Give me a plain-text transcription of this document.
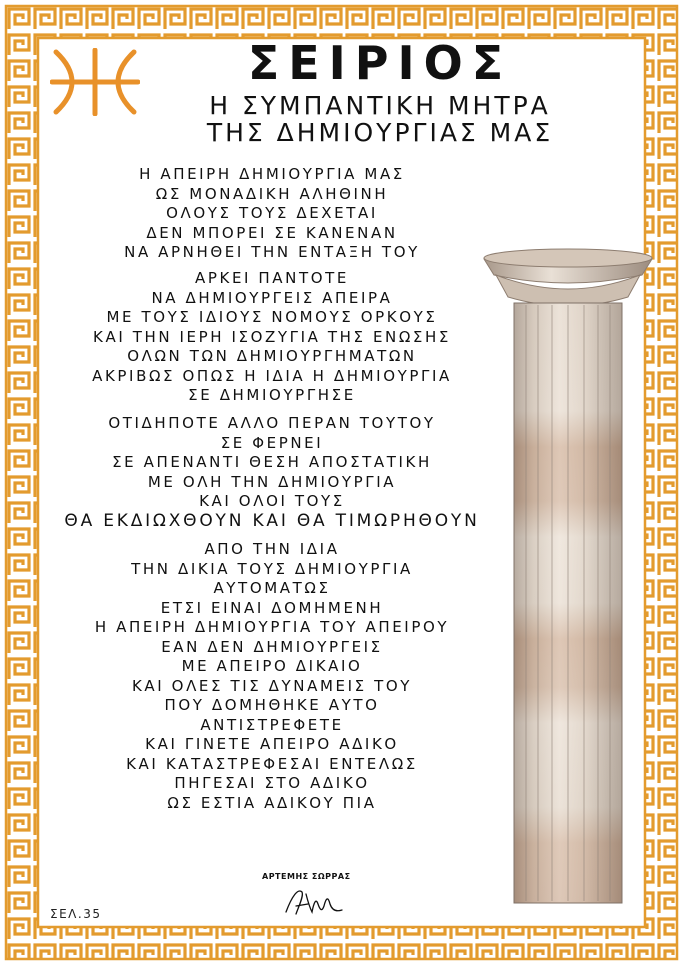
ΣΕΙΡΙΟΣ
Η ΣΥΜΠΑΝΤΙΚΗ ΜΗΤΡΑ
ΤΗΣ ΔΗΜΙΟΥΡΓΙΑΣ ΜΑΣ
Η ΑΠΕΙΡΗ ΔΗΜΙΟΥΡΓΙΑ ΜΑΣ
ΩΣ ΜΟΝΑΔΙΚΗ ΑΛΗΘΙΝΗ
ΟΛΟΥΣ ΤΟΥΣ ΔΕΧΕΤΑΙ
ΔΕΝ ΜΠΟΡΕΙ ΣΕ ΚΑΝΕΝΑΝ
ΝΑ ΑΡΝΗΘΕΙ ΤΗΝ ΕΝΤΑΞΗ ΤΟΥ
ΑΡΚΕΙ ΠΑΝΤΟΤΕ
ΝΑ ΔΗΜΙΟΥΡΓΕΙΣ ΑΠΕΙΡΑ
ΜΕ ΤΟΥΣ ΙΔΙΟΥΣ ΝΟΜΟΥΣ ΟΡΚΟΥΣ
ΚΑΙ ΤΗΝ ΙΕΡΗ ΙΣΟΖΥΓΙΑ ΤΗΣ ΕΝΩΣΗΣ
ΟΛΩΝ ΤΩΝ ΔΗΜΙΟΥΡΓΗΜΑΤΩΝ
ΑΚΡΙΒΩΣ ΟΠΩΣ Η ΙΔΙΑ Η ΔΗΜΙΟΥΡΓΙΑ
ΣΕ ΔΗΜΙΟΥΡΓΗΣΕ
ΟΤΙΔΗΠΟΤΕ ΑΛΛΟ ΠΕΡΑΝ ΤΟΥΤΟΥ
ΣΕ ΦΕΡΝΕΙ
ΣΕ ΑΠΕΝΑΝΤΙ ΘΕΣΗ ΑΠΟΣΤΑΤΙΚΗ
ΜΕ ΟΛΗ ΤΗΝ ΔΗΜΙΟΥΡΓΙΑ
ΚΑΙ ΟΛΟΙ ΤΟΥΣ
ΘΑ ΕΚΔΙΩΧΘΟΥΝ ΚΑΙ ΘΑ ΤΙΜΩΡΗΘΟΥΝ
ΑΠΟ ΤΗΝ ΙΔΙΑ
ΤΗΝ ΔΙΚΙΑ ΤΟΥΣ ΔΗΜΙΟΥΡΓΙΑ
ΑΥΤΟΜΑΤΩΣ
ΕΤΣΙ ΕΙΝΑΙ ΔΟΜΗΜΕΝΗ
Η ΑΠΕΙΡΗ ΔΗΜΙΟΥΡΓΙΑ ΤΟΥ ΑΠΕΙΡΟΥ
ΕΑΝ ΔΕΝ ΔΗΜΙΟΥΡΓΕΙΣ
ΜΕ ΑΠΕΙΡΟ ΔΙΚΑΙΟ
ΚΑΙ ΟΛΕΣ ΤΙΣ ΔΥΝΑΜΕΙΣ ΤΟΥ
ΠΟΥ ΔΟΜΗΘΗΚΕ ΑΥΤΟ
ΑΝΤΙΣΤΡΕΦΕΤΕ
ΚΑΙ ΓΙΝΕΤΕ ΑΠΕΙΡΟ ΑΔΙΚΟ
ΚΑΙ ΚΑΤΑΣΤΡΕΦΕΣΑΙ ΕΝΤΕΛΩΣ
ΠΗΓΕΣΑΙ ΣΤΟ ΑΔΙΚΟ
ΩΣ ΕΣΤΙΑ ΑΔΙΚΟΥ ΠΙΑ
ΑΡΤΕΜΗΣ ΣΩΡΡΑΣ
ΣΕΛ.35
